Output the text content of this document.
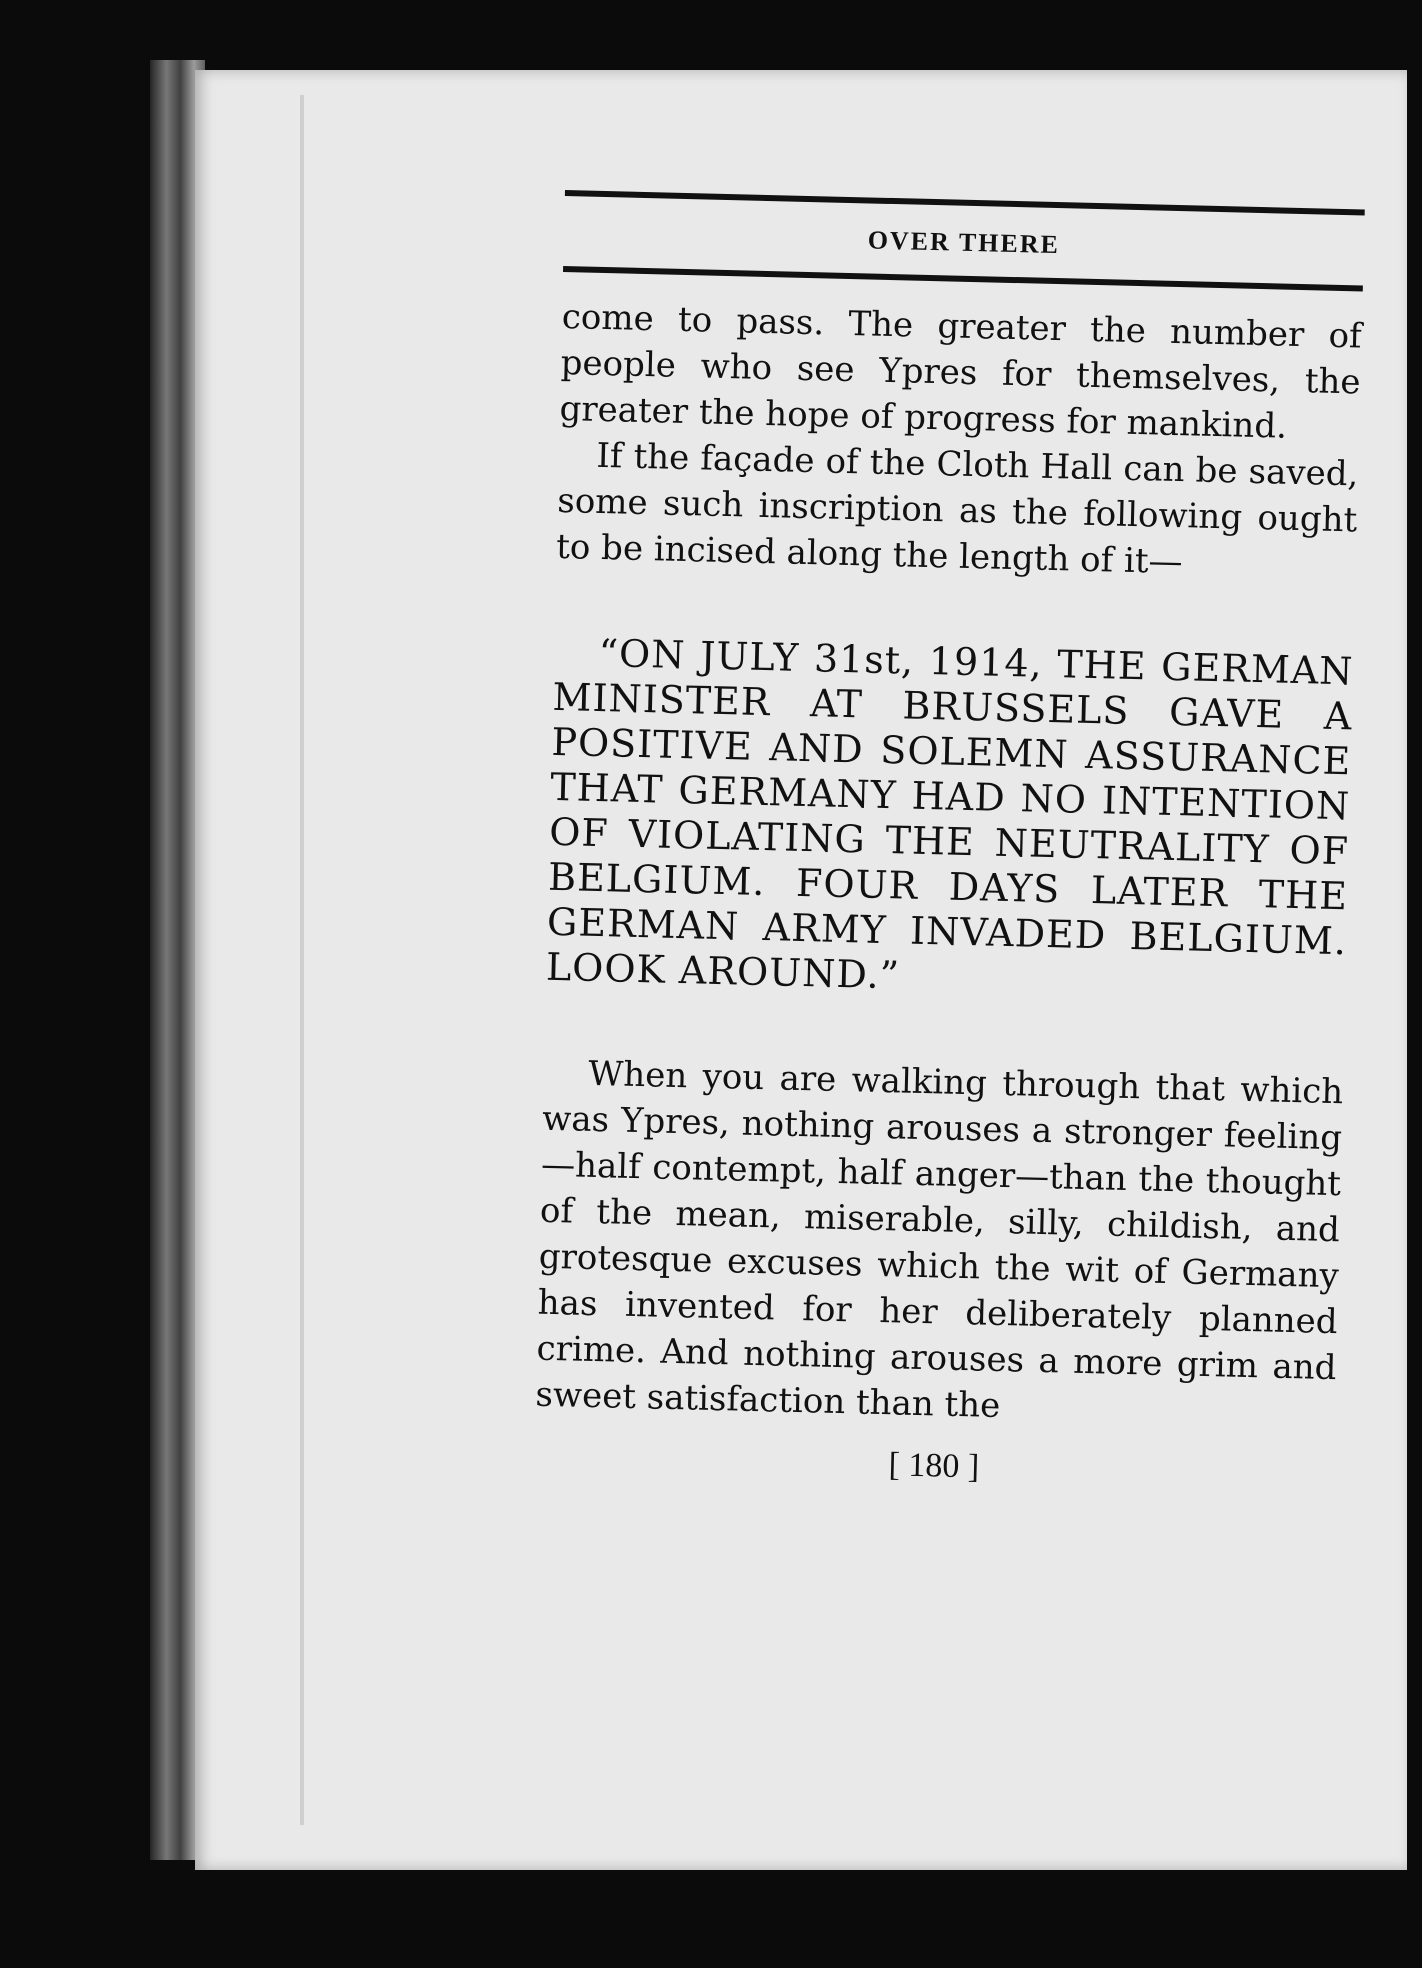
OVER THERE

come to pass. The greater the number of people who see Ypres for themselves, the greater the hope of progress for mankind.

If the façade of the Cloth Hall can be saved, some such inscription as the following ought to be incised along the length of it—

“ON JULY 31st, 1914, THE GERMAN MINISTER AT BRUSSELS GAVE A POSITIVE AND SOLEMN ASSURANCE THAT GERMANY HAD NO INTENTION OF VIOLATING THE NEUTRALITY OF BELGIUM. FOUR DAYS LATER THE GERMAN ARMY INVADED BELGIUM. LOOK AROUND.”

When you are walking through that which was Ypres, nothing arouses a stronger feeling—half contempt, half anger—than the thought of the mean, miserable, silly, childish, and grotesque excuses which the wit of Germany has invented for her deliberately planned crime. And nothing arouses a more grim and sweet satisfaction than the

[ 180 ]
